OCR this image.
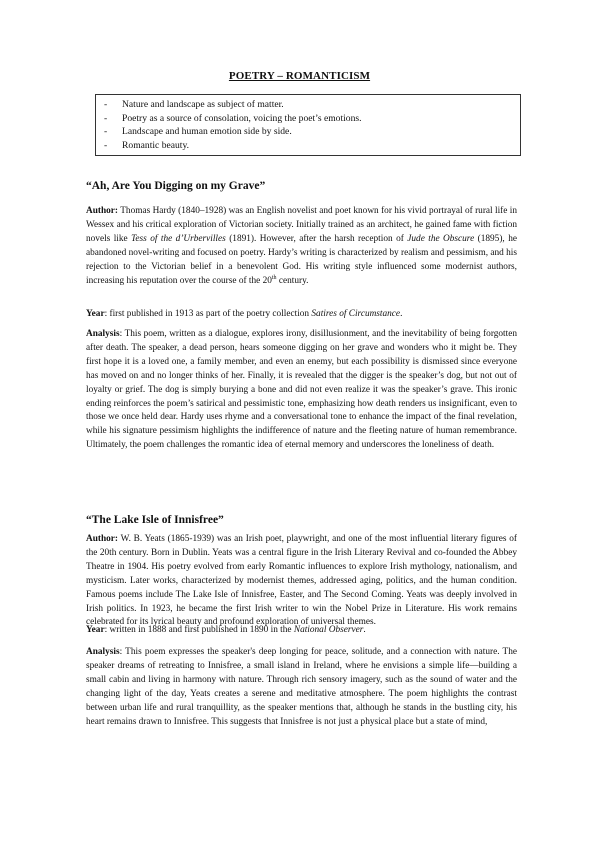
POETRY – ROMANTICISM
- Nature and landscape as subject of matter.
- Poetry as a source of consolation, voicing the poet’s emotions.
- Landscape and human emotion side by side.
- Romantic beauty.
“Ah, Are You Digging on my Grave”

Author: Thomas Hardy (1840–1928) was an English novelist and poet known for his vivid portrayal of rural life in Wessex and his critical exploration of Victorian society. Initially trained as an architect, he gained fame with fiction novels like Tess of the d’Urbervilles (1891). However, after the harsh reception of Jude the Obscure (1895), he abandoned novel-writing and focused on poetry. Hardy’s writing is characterized by realism and pessimism, and his rejection to the Victorian belief in a benevolent God. His writing style influenced some modernist authors, increasing his reputation over the course of the 20th century.

Year: first published in 1913 as part of the poetry collection Satires of Circumstance.

Analysis: This poem, written as a dialogue, explores irony, disillusionment, and the inevitability of being forgotten after death. The speaker, a dead person, hears someone digging on her grave and wonders who it might be. They first hope it is a loved one, a family member, and even an enemy, but each possibility is dismissed since everyone has moved on and no longer thinks of her. Finally, it is revealed that the digger is the speaker’s dog, but not out of loyalty or grief. The dog is simply burying a bone and did not even realize it was the speaker’s grave. This ironic ending reinforces the poem’s satirical and pessimistic tone, emphasizing how death renders us insignificant, even to those we once held dear. Hardy uses rhyme and a conversational tone to enhance the impact of the final revelation, while his signature pessimism highlights the indifference of nature and the fleeting nature of human remembrance. Ultimately, the poem challenges the romantic idea of eternal memory and underscores the loneliness of death.

“The Lake Isle of Innisfree”

Author: W. B. Yeats (1865-1939) was an Irish poet, playwright, and one of the most influential literary figures of the 20th century. Born in Dublin. Yeats was a central figure in the Irish Literary Revival and co-founded the Abbey Theatre in 1904. His poetry evolved from early Romantic influences to explore Irish mythology, nationalism, and mysticism. Later works, characterized by modernist themes, addressed aging, politics, and the human condition. Famous poems include The Lake Isle of Innisfree, Easter, and The Second Coming. Yeats was deeply involved in Irish politics. In 1923, he became the first Irish writer to win the Nobel Prize in Literature. His work remains celebrated for its lyrical beauty and profound exploration of universal themes.

Year: written in 1888 and first published in 1890 in the National Observer.

Analysis: This poem expresses the speaker's deep longing for peace, solitude, and a connection with nature. The speaker dreams of retreating to Innisfree, a small island in Ireland, where he envisions a simple life—building a small cabin and living in harmony with nature. Through rich sensory imagery, such as the sound of water and the changing light of the day, Yeats creates a serene and meditative atmosphere. The poem highlights the contrast between urban life and rural tranquillity, as the speaker mentions that, although he stands in the bustling city, his heart remains drawn to Innisfree. This suggests that Innisfree is not just a physical place but a state of mind,
